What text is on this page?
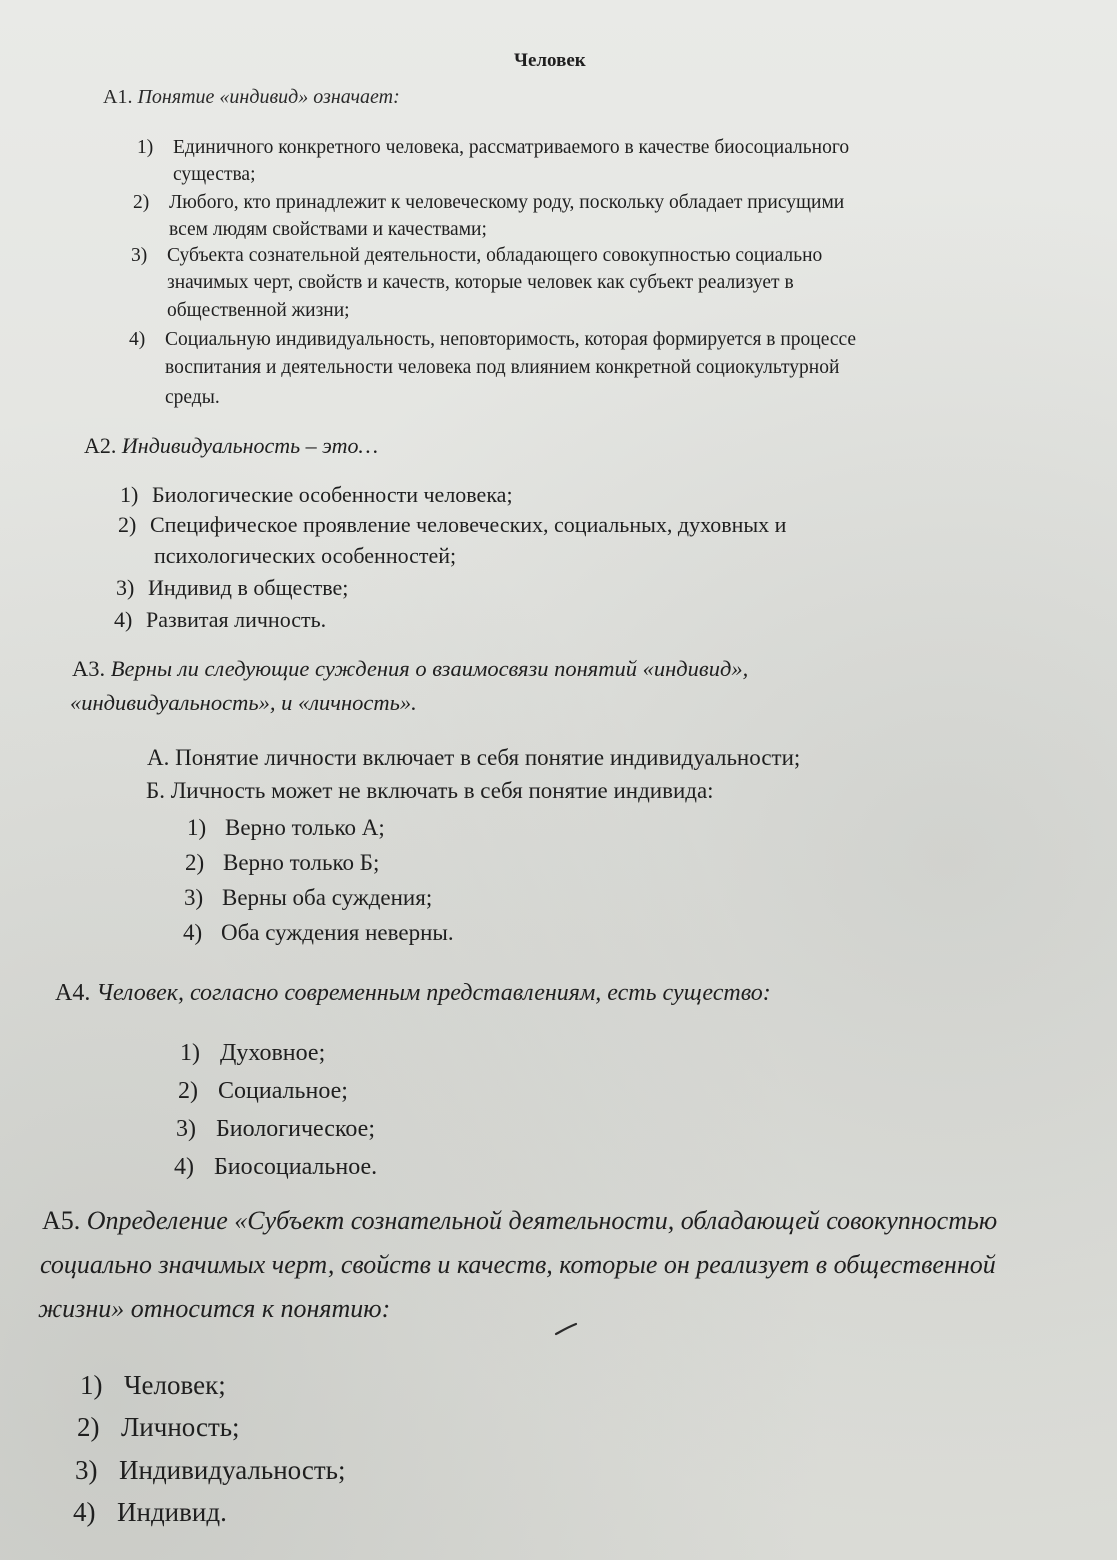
Человек
А1. Понятие «индивид» означает:
1) Единичного конкретного человека, рассматриваемого в качестве биосоциального
существа;
2) Любого, кто принадлежит к человеческому роду, поскольку обладает присущими
всем людям свойствами и качествами;
3) Субъекта сознательной деятельности, обладающего совокупностью социально
значимых черт, свойств и качеств, которые человек как субъект реализует в
общественной жизни;
4) Социальную индивидуальность, неповторимость, которая формируется в процессе
воспитания и деятельности человека под влиянием конкретной социокультурной
среды.
А2. Индивидуальность – это…
1) Биологические особенности человека;
2) Специфическое проявление человеческих, социальных, духовных и
психологических особенностей;
3) Индивид в обществе;
4) Развитая личность.
А3. Верны ли следующие суждения о взаимосвязи понятий «индивид»,
«индивидуальность», и «личность».
А. Понятие личности включает в себя понятие индивидуальности;
Б. Личность может не включать в себя понятие индивида:
1) Верно только А;
2) Верно только Б;
3) Верны оба суждения;
4) Оба суждения неверны.
А4. Человек, согласно современным представлениям, есть существо:
1) Духовное;
2) Социальное;
3) Биологическое;
4) Биосоциальное.
А5. Определение «Субъект сознательной деятельности, обладающей совокупностью
социально значимых черт, свойств и качеств, которые он реализует в общественной
жизни» относится к понятию:
1) Человек;
2) Личность;
3) Индивидуальность;
4) Индивид.
